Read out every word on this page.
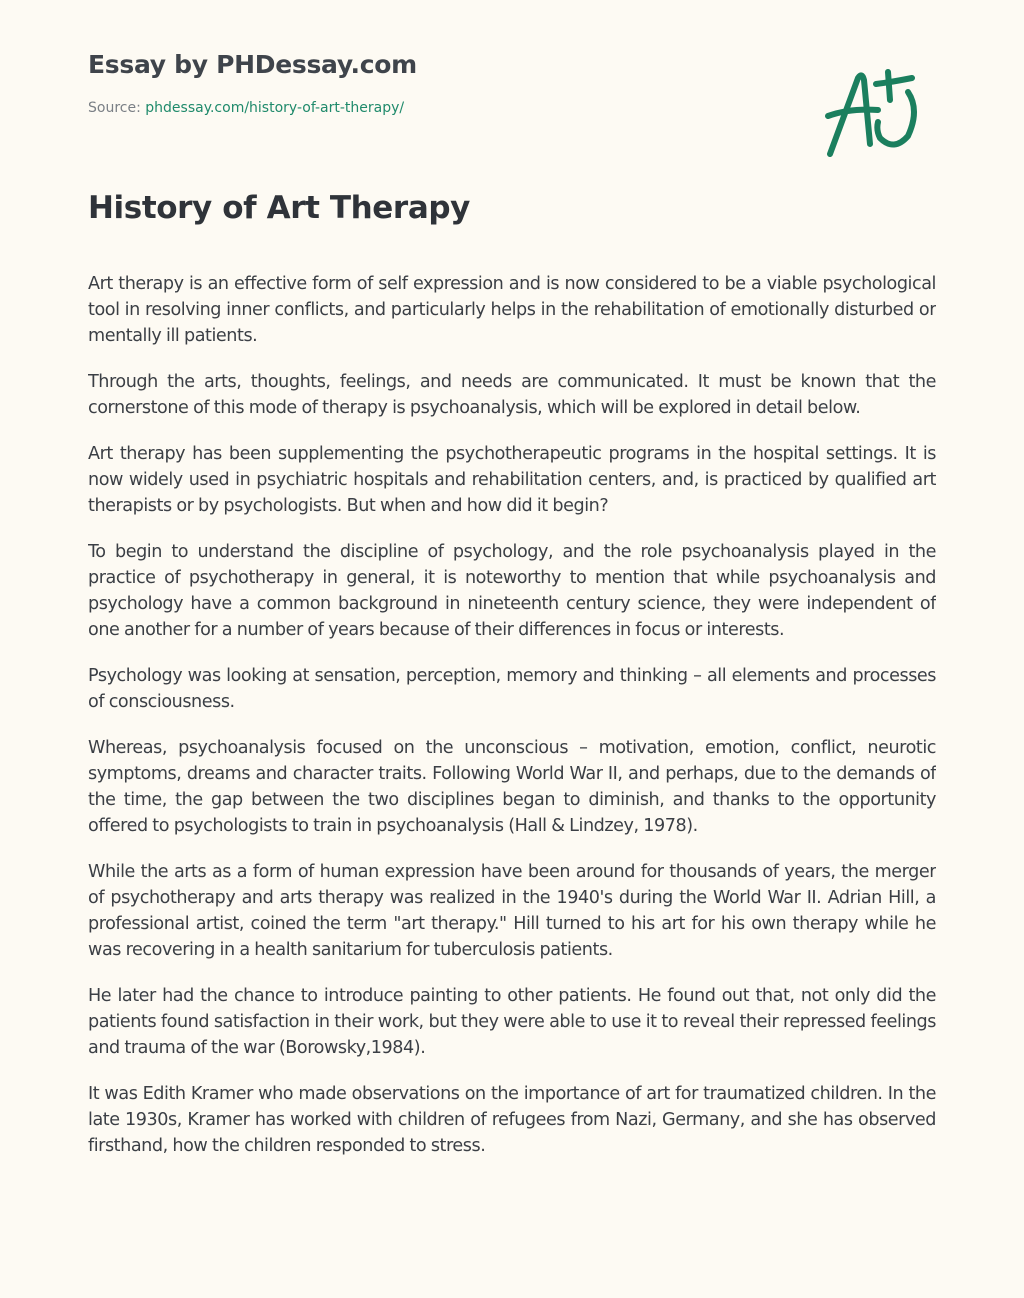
Essay by PHDessay.com
Source: phdessay.com/history-of-art-therapy/
History of Art Therapy

Art therapy is an effective form of self expression and is now considered to be a viable psychological tool in resolving inner conflicts, and particularly helps in the rehabilitation of emotionally disturbed or mentally ill patients.

Through the arts, thoughts, feelings, and needs are communicated. It must be known that the cornerstone of this mode of therapy is psychoanalysis, which will be explored in detail below.

Art therapy has been supplementing the psychotherapeutic programs in the hospital settings. It is now widely used in psychiatric hospitals and rehabilitation centers, and, is practiced by qualified art therapists or by psychologists. But when and how did it begin?

To begin to understand the discipline of psychology, and the role psychoanalysis played in the practice of psychotherapy in general, it is noteworthy to mention that while psychoanalysis and psychology have a common background in nineteenth century science, they were independent of one another for a number of years because of their differences in focus or interests.

Psychology was looking at sensation, perception, memory and thinking – all elements and processes of consciousness.

Whereas, psychoanalysis focused on the unconscious – motivation, emotion, conflict, neurotic symptoms, dreams and character traits. Following World War II, and perhaps, due to the demands of the time, the gap between the two disciplines began to diminish, and thanks to the opportunity offered to psychologists to train in psychoanalysis (Hall & Lindzey, 1978).

While the arts as a form of human expression have been around for thousands of years, the merger of psychotherapy and arts therapy was realized in the 1940's during the World War II. Adrian Hill, a professional artist, coined the term "art therapy." Hill turned to his art for his own therapy while he was recovering in a health sanitarium for tuberculosis patients.

He later had the chance to introduce painting to other patients. He found out that, not only did the patients found satisfaction in their work, but they were able to use it to reveal their repressed feelings and trauma of the war (Borowsky,1984).

It was Edith Kramer who made observations on the importance of art for traumatized children. In the late 1930s, Kramer has worked with children of refugees from Nazi, Germany, and she has observed firsthand, how the children responded to stress.
